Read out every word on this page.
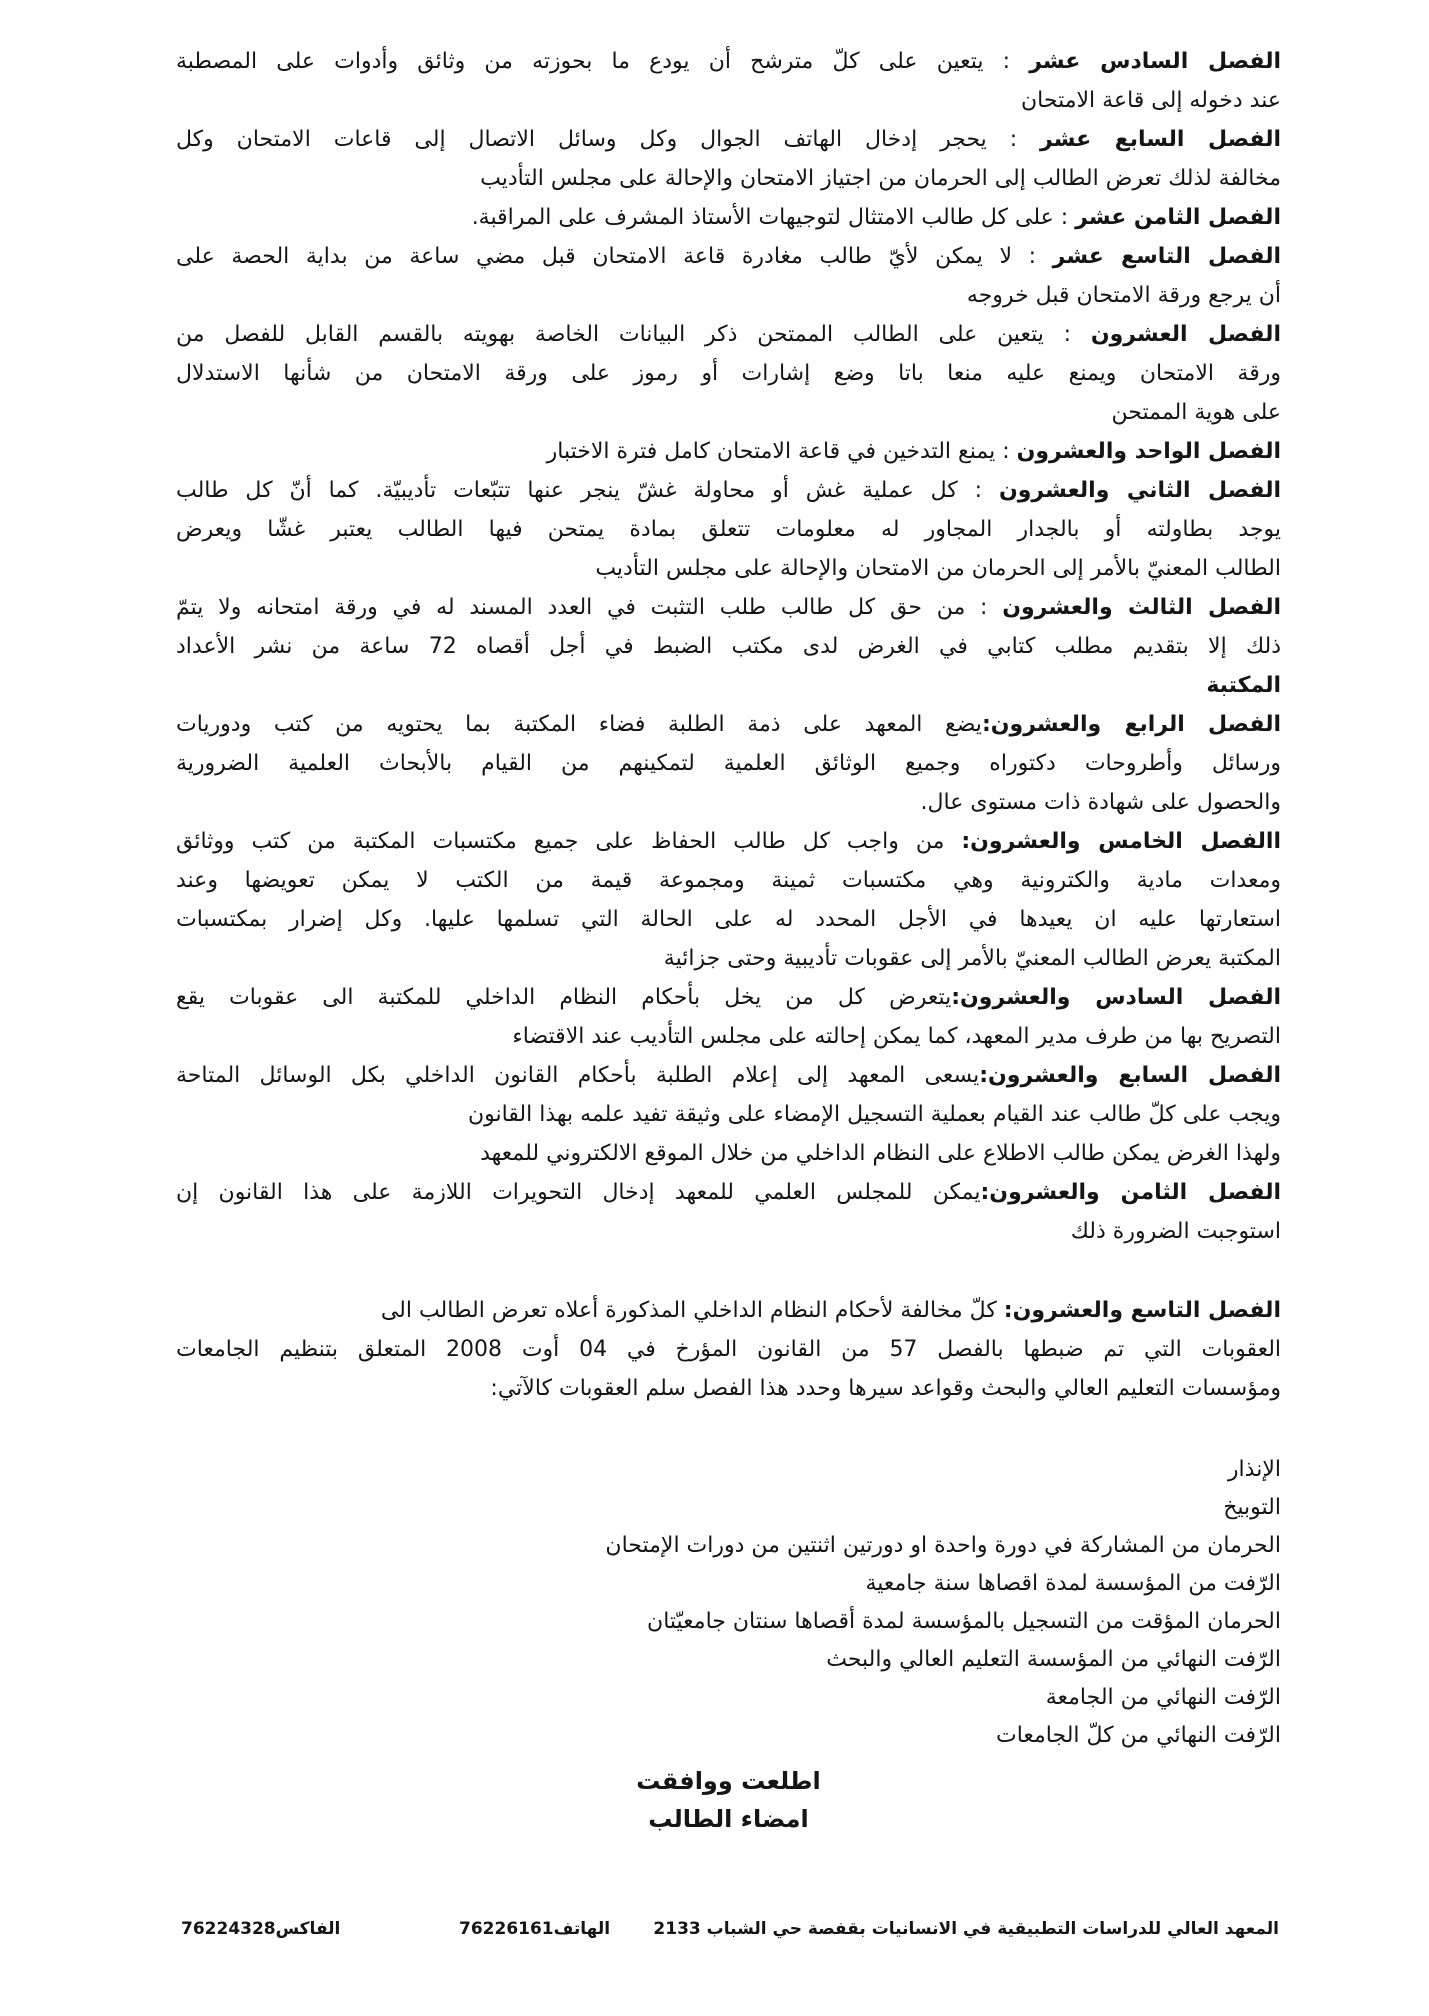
الفصل السادس عشر : يتعين على كلّ مترشح أن يودع ما بحوزته من وثائق وأدوات على المصطبة
عند دخوله إلى قاعة الامتحان
الفصل السابع عشر : يحجر إدخال الهاتف الجوال وكل وسائل الاتصال إلى قاعات الامتحان وكل
مخالفة لذلك تعرض الطالب إلى الحرمان من اجتياز الامتحان والإحالة على مجلس التأديب
الفصل الثامن عشر : على كل طالب الامتثال لتوجيهات الأستاذ المشرف على المراقبة.
الفصل التاسع عشر : لا يمكن لأيّ طالب مغادرة قاعة الامتحان قبل مضي ساعة من بداية الحصة على
أن يرجع ورقة الامتحان قبل خروجه
الفصل العشرون : يتعين على الطالب الممتحن ذكر البيانات الخاصة بهويته بالقسم القابل للفصل من
ورقة الامتحان ويمنع عليه منعا باتا وضع إشارات أو رموز على ورقة الامتحان من شأنها الاستدلال
على هوية الممتحن
الفصل الواحد والعشرون : يمنع التدخين في قاعة الامتحان كامل فترة الاختبار
الفصل الثاني والعشرون : كل عملية غش أو محاولة غشّ ينجر عنها تتبّعات تأديبيّة. كما أنّ كل طالب
يوجد بطاولته أو بالجدار المجاور له معلومات تتعلق بمادة يمتحن فيها الطالب يعتبر غشّا ويعرض
الطالب المعنيّ بالأمر إلى الحرمان من الامتحان والإحالة على مجلس التأديب
الفصل الثالث والعشرون : من حق كل طالب طلب التثبت في العدد المسند له في ورقة امتحانه ولا يتمّ
ذلك إلا بتقديم مطلب كتابي في الغرض لدى مكتب الضبط في أجل أقصاه 72 ساعة من نشر الأعداد
المكتبة
الفصل الرابع والعشرون:يضع المعهد على ذمة الطلبة فضاء المكتبة بما يحتويه من كتب ودوريات
ورسائل وأطروحات دكتوراه وجميع الوثائق العلمية لتمكينهم من القيام بالأبحاث العلمية الضرورية
والحصول على شهادة ذات مستوى عال.
االفصل الخامس والعشرون: من واجب كل طالب الحفاظ على جميع مكتسبات المكتبة من كتب ووثائق
ومعدات مادية والكترونية وهي مكتسبات ثمينة ومجموعة قيمة من الكتب لا يمكن تعويضها وعند
استعارتها عليه ان يعيدها في الأجل المحدد له على الحالة التي تسلمها عليها. وكل إضرار بمكتسبات
المكتبة يعرض الطالب المعنيّ بالأمر إلى عقوبات تأديبية وحتى جزائية
الفصل السادس والعشرون:يتعرض كل من يخل بأحكام النظام الداخلي للمكتبة الى عقوبات يقع
التصريح بها من طرف مدير المعهد، كما يمكن إحالته على مجلس التأديب عند الاقتضاء
الفصل السابع والعشرون:يسعى المعهد إلى إعلام الطلبة بأحكام القانون الداخلي بكل الوسائل المتاحة
ويجب على كلّ طالب عند القيام بعملية التسجيل الإمضاء على وثيقة تفيد علمه بهذا القانون
ولهذا الغرض يمكن طالب الاطلاع على النظام الداخلي من خلال الموقع الالكتروني للمعهد
الفصل الثامن والعشرون:يمكن للمجلس العلمي للمعهد إدخال التحويرات اللازمة على هذا القانون إن
استوجبت الضرورة ذلك
الفصل التاسع والعشرون: كلّ مخالفة لأحكام النظام الداخلي المذكورة أعلاه تعرض الطالب الى
العقوبات التي تم ضبطها بالفصل 57 من القانون المؤرخ في 04 أوت 2008 المتعلق بتنظيم الجامعات
ومؤسسات التعليم العالي والبحث وقواعد سيرها وحدد هذا الفصل سلم العقوبات كالآتي:
الإنذار
التوبيخ
الحرمان من المشاركة في دورة واحدة او دورتين اثنتين من دورات الإمتحان
الرّفت من المؤسسة لمدة اقصاها سنة جامعية
الحرمان المؤقت من التسجيل بالمؤسسة لمدة أقصاها سنتان جامعيّتان
الرّفت النهائي من المؤسسة التعليم العالي والبحث
الرّفت النهائي من الجامعة
الرّفت النهائي من كلّ الجامعات
اطلعت ووافقت
امضاء الطالب
المعهد العالي للدراسات التطبيقية في الانسانيات بقفصة حي الشباب 2133
الهاتف76226161
الفاكس76224328
